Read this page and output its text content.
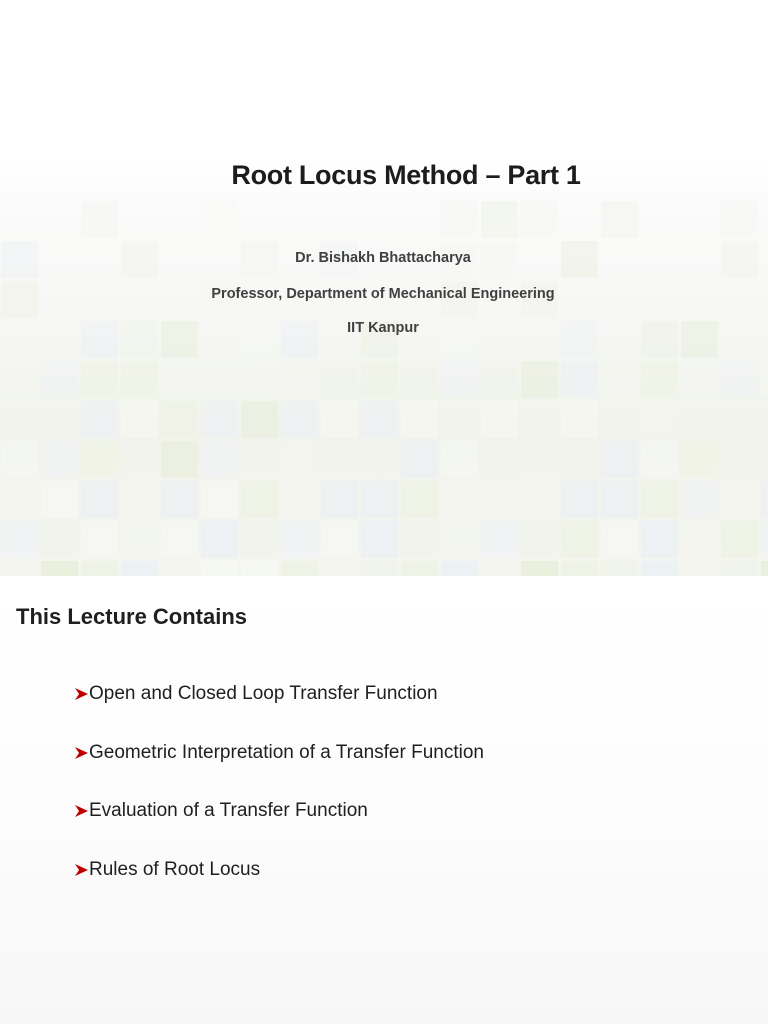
Root Locus Method – Part 1

Dr. Bishakh Bhattacharya

Professor, Department of Mechanical Engineering

IIT Kanpur

This Lecture Contains
Open and Closed Loop Transfer Function
Geometric Interpretation of a Transfer Function
Evaluation of a Transfer Function
Rules of Root Locus
